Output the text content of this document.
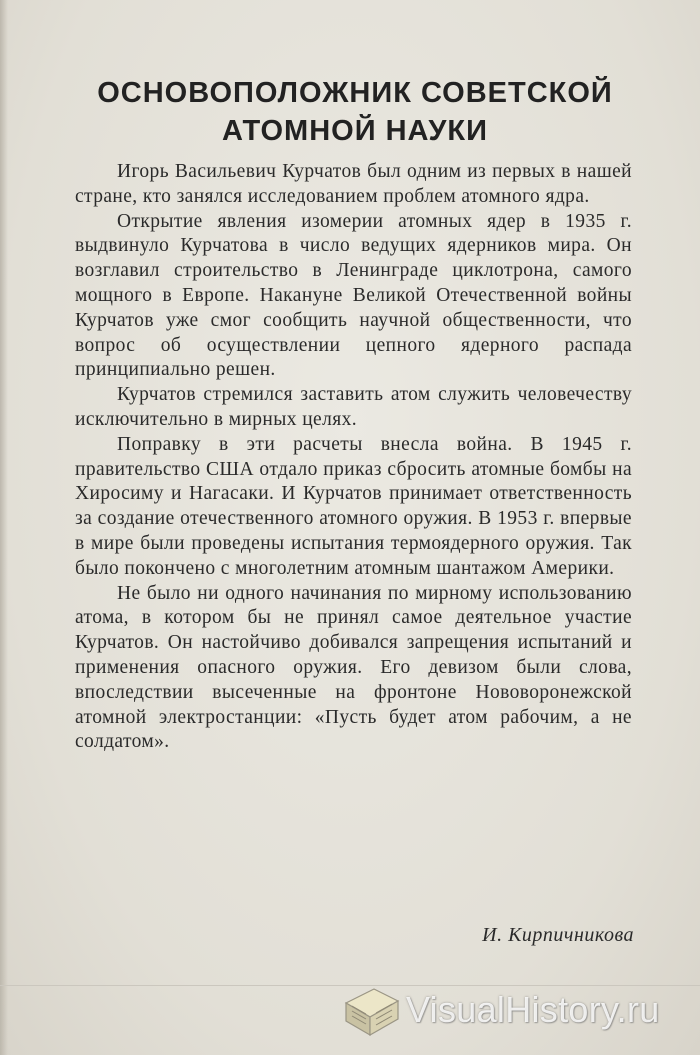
ОСНОВОПОЛОЖНИК СОВЕТСКОЙ
АТОМНОЙ НАУКИ

Игорь Васильевич Курчатов был одним из первых в нашей стране, кто занялся исследованием проблем атомного ядра.

Открытие явления изомерии атомных ядер в 1935 г. выдвинуло Курчатова в число ведущих ядерников мира. Он возглавил строительство в Ленинграде циклотрона, самого мощного в Европе. Накануне Великой Отечественной войны Курчатов уже смог сообщить научной общественности, что вопрос об осуществлении цепного ядерного распада принципиально решен.

Курчатов стремился заставить атом служить человечеству исключительно в мирных целях.

Поправку в эти расчеты внесла война. В 1945 г. правительство США отдало приказ сбросить атомные бомбы на Хиросиму и Нагасаки. И Курчатов принимает ответственность за создание отечественного атомного оружия. В 1953 г. впервые в мире были проведены испытания термоядерного оружия. Так было покончено с многолетним атомным шантажом Америки.

Не было ни одного начинания по мирному использованию атома, в котором бы не принял самое деятельное участие Курчатов. Он настойчиво добивался запрещения испытаний и применения опасного оружия. Его девизом были слова, впоследствии высеченные на фронтоне Нововоронежской атомной электростанции: «Пусть будет атом рабочим, а не солдатом».

И. Кирпичникова
VisualHistory.ru
